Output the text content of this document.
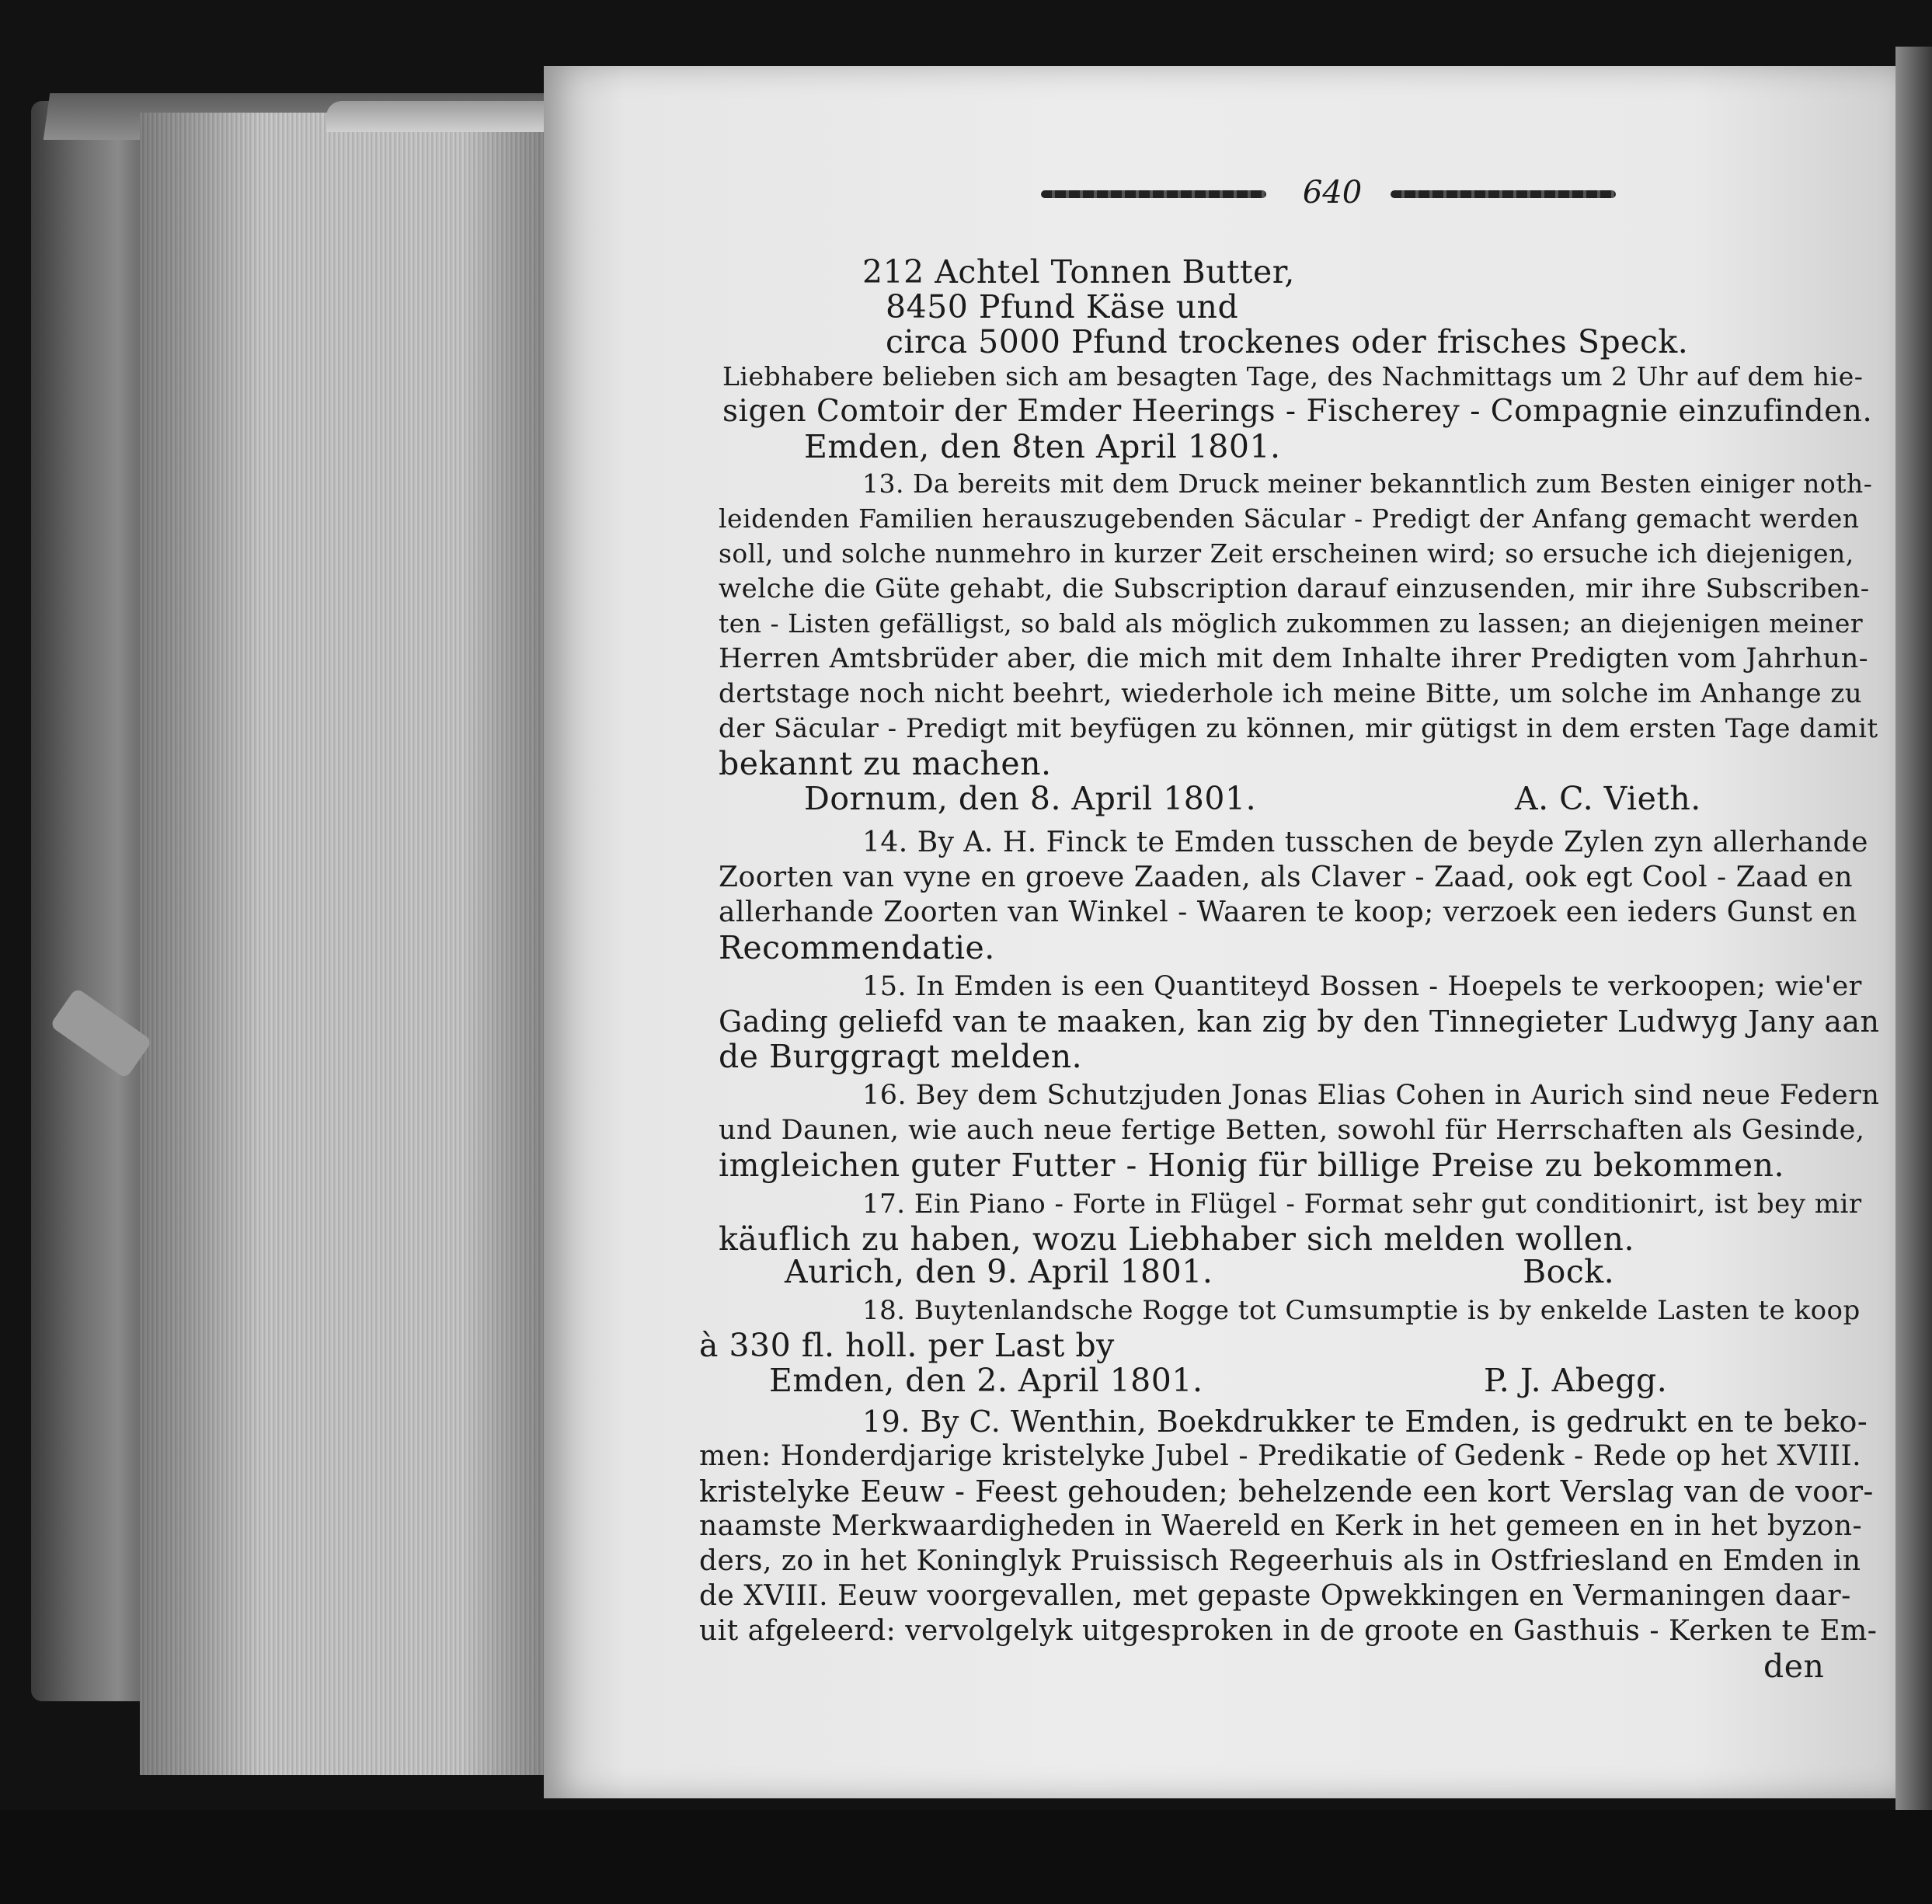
640
212 Achtel Tonnen Butter,
8450 Pfund Käse und
circa 5000 Pfund trockenes oder frisches Speck.
Liebhabere belieben sich am besagten Tage, des Nachmittags um 2 Uhr auf dem hie-
sigen Comtoir der Emder Heerings - Fischerey - Compagnie einzufinden.
Emden, den 8ten April 1801.
13. Da bereits mit dem Druck meiner bekanntlich zum Besten einiger noth-
leidenden Familien herauszugebenden Säcular - Predigt der Anfang gemacht werden
soll, und solche nunmehro in kurzer Zeit erscheinen wird; so ersuche ich diejenigen,
welche die Güte gehabt, die Subscription darauf einzusenden, mir ihre Subscriben-
ten - Listen gefälligst, so bald als möglich zukommen zu lassen; an diejenigen meiner
Herren Amtsbrüder aber, die mich mit dem Inhalte ihrer Predigten vom Jahrhun-
dertstage noch nicht beehrt, wiederhole ich meine Bitte, um solche im Anhange zu
der Säcular - Predigt mit beyfügen zu können, mir gütigst in dem ersten Tage damit
bekannt zu machen.
Dornum, den 8. April 1801.	A. C. Vieth.
14. By A. H. Finck te Emden tusschen de beyde Zylen zyn allerhande
Zoorten van vyne en groeve Zaaden, als Claver - Zaad, ook egt Cool - Zaad en
allerhande Zoorten van Winkel - Waaren te koop; verzoek een ieders Gunst en
Recommendatie.
15. In Emden is een Quantiteyd Bossen - Hoepels te verkoopen; wie'er
Gading geliefd van te maaken, kan zig by den Tinnegieter Ludwyg Jany aan
de Burggragt melden.
16. Bey dem Schutzjuden Jonas Elias Cohen in Aurich sind neue Federn
und Daunen, wie auch neue fertige Betten, sowohl für Herrschaften als Gesinde,
imgleichen guter Futter - Honig für billige Preise zu bekommen.
17. Ein Piano - Forte in Flügel - Format sehr gut conditionirt, ist bey mir
käuflich zu haben, wozu Liebhaber sich melden wollen.
Aurich, den 9. April 1801.	Bock.
18. Buytenlandsche Rogge tot Cumsumptie is by enkelde Lasten te koop
à 330 fl. holl. per Last by
Emden, den 2. April 1801.	P. J. Abegg.
19. By C. Wenthin, Boekdrukker te Emden, is gedrukt en te beko-
men: Honderdjarige kristelyke Jubel - Predikatie of Gedenk - Rede op het XVIII.
kristelyke Eeuw - Feest gehouden; behelzende een kort Verslag van de voor-
naamste Merkwaardigheden in Waereld en Kerk in het gemeen en in het byzon-
ders, zo in het Koninglyk Pruissisch Regeerhuis als in Ostfriesland en Emden in
de XVIII. Eeuw voorgevallen, met gepaste Opwekkingen en Vermaningen daar-
uit afgeleerd: vervolgelyk uitgesproken in de groote en Gasthuis - Kerken te Em-
den
